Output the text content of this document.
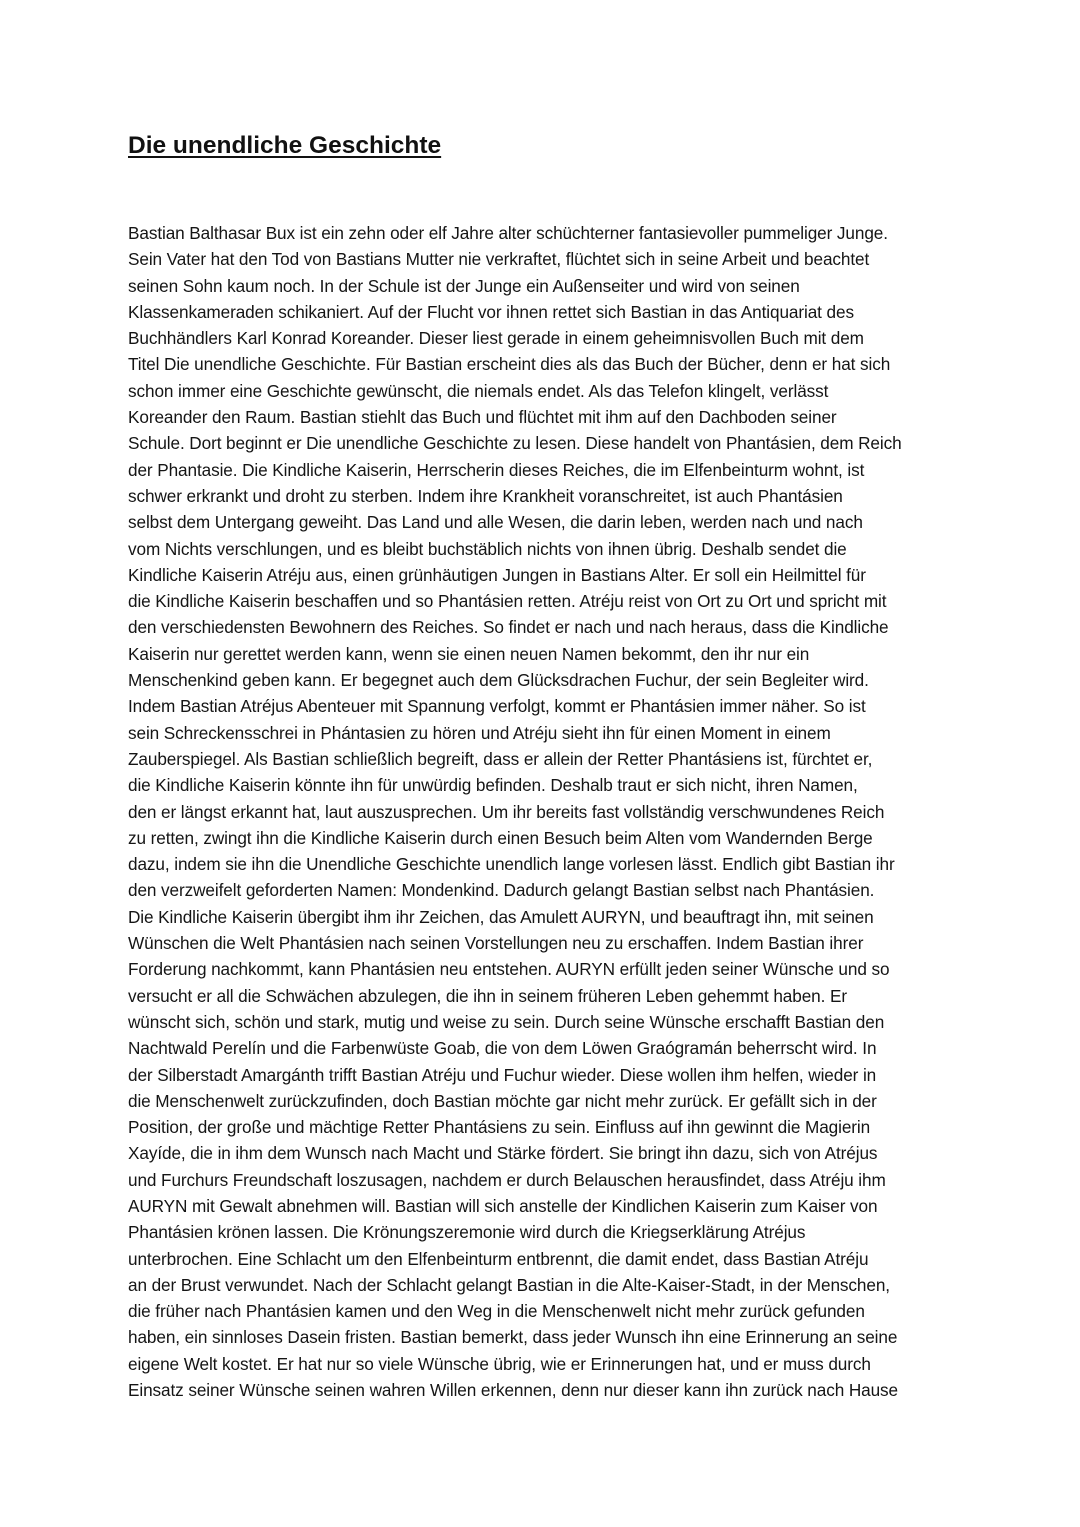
Die unendliche Geschichte
Bastian Balthasar Bux ist ein zehn oder elf Jahre alter schüchterner fantasievoller pummeliger Junge.
Sein Vater hat den Tod von Bastians Mutter nie verkraftet, flüchtet sich in seine Arbeit und beachtet
seinen Sohn kaum noch. In der Schule ist der Junge ein Außenseiter und wird von seinen
Klassenkameraden schikaniert. Auf der Flucht vor ihnen rettet sich Bastian in das Antiquariat des
Buchhändlers Karl Konrad Koreander. Dieser liest gerade in einem geheimnisvollen Buch mit dem
Titel Die unendliche Geschichte. Für Bastian erscheint dies als das Buch der Bücher, denn er hat sich
schon immer eine Geschichte gewünscht, die niemals endet. Als das Telefon klingelt, verlässt
Koreander den Raum. Bastian stiehlt das Buch und flüchtet mit ihm auf den Dachboden seiner
Schule. Dort beginnt er Die unendliche Geschichte zu lesen. Diese handelt von Phantásien, dem Reich
der Phantasie. Die Kindliche Kaiserin, Herrscherin dieses Reiches, die im Elfenbeinturm wohnt, ist
schwer erkrankt und droht zu sterben. Indem ihre Krankheit voranschreitet, ist auch Phantásien
selbst dem Untergang geweiht. Das Land und alle Wesen, die darin leben, werden nach und nach
vom Nichts verschlungen, und es bleibt buchstäblich nichts von ihnen übrig. Deshalb sendet die
Kindliche Kaiserin Atréju aus, einen grünhäutigen Jungen in Bastians Alter. Er soll ein Heilmittel für
die Kindliche Kaiserin beschaffen und so Phantásien retten. Atréju reist von Ort zu Ort und spricht mit
den verschiedensten Bewohnern des Reiches. So findet er nach und nach heraus, dass die Kindliche
Kaiserin nur gerettet werden kann, wenn sie einen neuen Namen bekommt, den ihr nur ein
Menschenkind geben kann. Er begegnet auch dem Glücksdrachen Fuchur, der sein Begleiter wird.
Indem Bastian Atréjus Abenteuer mit Spannung verfolgt, kommt er Phantásien immer näher. So ist
sein Schreckensschrei in Phántasien zu hören und Atréju sieht ihn für einen Moment in einem
Zauberspiegel. Als Bastian schließlich begreift, dass er allein der Retter Phantásiens ist, fürchtet er,
die Kindliche Kaiserin könnte ihn für unwürdig befinden. Deshalb traut er sich nicht, ihren Namen,
den er längst erkannt hat, laut auszusprechen. Um ihr bereits fast vollständig verschwundenes Reich
zu retten, zwingt ihn die Kindliche Kaiserin durch einen Besuch beim Alten vom Wandernden Berge
dazu, indem sie ihn die Unendliche Geschichte unendlich lange vorlesen lässt. Endlich gibt Bastian ihr
den verzweifelt geforderten Namen: Mondenkind. Dadurch gelangt Bastian selbst nach Phantásien.
Die Kindliche Kaiserin übergibt ihm ihr Zeichen, das Amulett AURYN, und beauftragt ihn, mit seinen
Wünschen die Welt Phantásien nach seinen Vorstellungen neu zu erschaffen. Indem Bastian ihrer
Forderung nachkommt, kann Phantásien neu entstehen. AURYN erfüllt jeden seiner Wünsche und so
versucht er all die Schwächen abzulegen, die ihn in seinem früheren Leben gehemmt haben. Er
wünscht sich, schön und stark, mutig und weise zu sein. Durch seine Wünsche erschafft Bastian den
Nachtwald Perelín und die Farbenwüste Goab, die von dem Löwen Graógramán beherrscht wird. In
der Silberstadt Amargánth trifft Bastian Atréju und Fuchur wieder. Diese wollen ihm helfen, wieder in
die Menschenwelt zurückzufinden, doch Bastian möchte gar nicht mehr zurück. Er gefällt sich in der
Position, der große und mächtige Retter Phantásiens zu sein. Einfluss auf ihn gewinnt die Magierin
Xayíde, die in ihm dem Wunsch nach Macht und Stärke fördert. Sie bringt ihn dazu, sich von Atréjus
und Furchurs Freundschaft loszusagen, nachdem er durch Belauschen herausfindet, dass Atréju ihm
AURYN mit Gewalt abnehmen will. Bastian will sich anstelle der Kindlichen Kaiserin zum Kaiser von
Phantásien krönen lassen. Die Krönungszeremonie wird durch die Kriegserklärung Atréjus
unterbrochen. Eine Schlacht um den Elfenbeinturm entbrennt, die damit endet, dass Bastian Atréju
an der Brust verwundet. Nach der Schlacht gelangt Bastian in die Alte-Kaiser-Stadt, in der Menschen,
die früher nach Phantásien kamen und den Weg in die Menschenwelt nicht mehr zurück gefunden
haben, ein sinnloses Dasein fristen. Bastian bemerkt, dass jeder Wunsch ihn eine Erinnerung an seine
eigene Welt kostet. Er hat nur so viele Wünsche übrig, wie er Erinnerungen hat, und er muss durch
Einsatz seiner Wünsche seinen wahren Willen erkennen, denn nur dieser kann ihn zurück nach Hause
